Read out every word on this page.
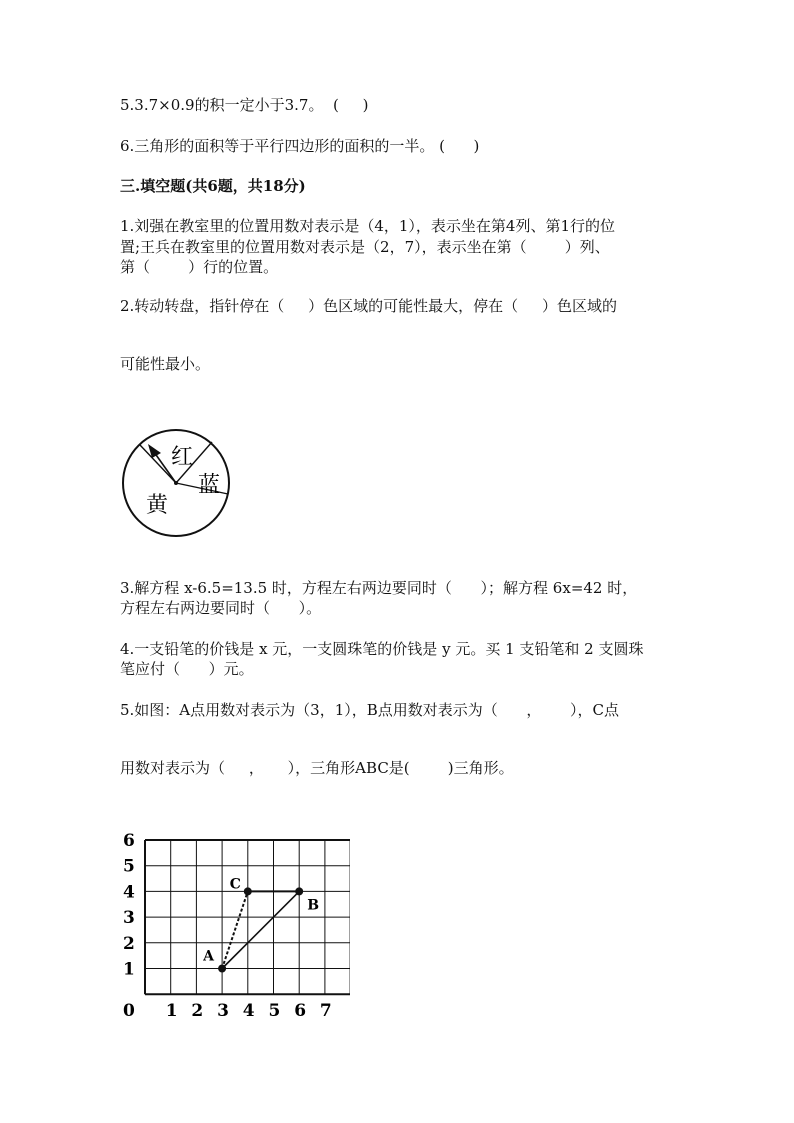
5.3.7×0.9的积一定小于3.7。  (     )
6.三角形的面积等于平行四边形的面积的一半。 (      )
三.填空题(共6题，共18分)
1.刘强在教室里的位置用数对表示是（4，1），表示坐在第4列、第1行的位
置;王兵在教室里的位置用数对表示是（2，7），表示坐在第（        ）列、
第（        ）行的位置。
2.转动转盘，指针停在（     ）色区域的可能性最大，停在（     ）色区域的
可能性最小。
红
蓝
黄
3.解方程 x-6.5=13.5 时，方程左右两边要同时（      ）；解方程 6x=42 时，
方程左右两边要同时（      ）。
4.一支铅笔的价钱是 x 元，一支圆珠笔的价钱是 y 元。买 1 支铅笔和 2 支圆珠
笔应付（      ）元。
5.如图：A点用数对表示为（3，1），B点用数对表示为（      ，      ），C点
用数对表示为（     ，     ），三角形ABC是(        )三角形。
6
5
4
3
2
1
0 1 2 3 4 5 6 7
A
B
C
